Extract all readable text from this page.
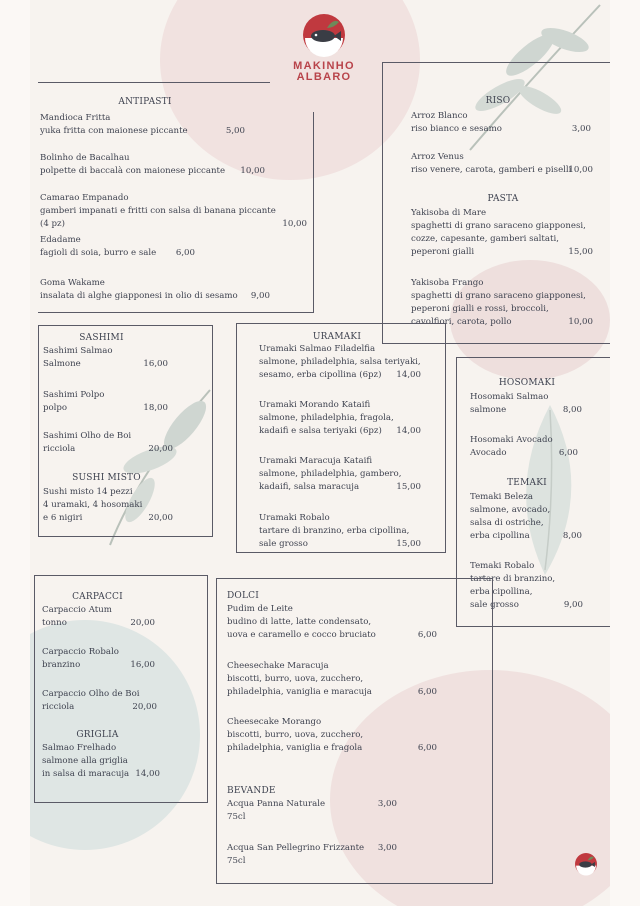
MAKINHO
ALBARO
ANTIPASTI
Mandioca Fritta
yuka fritta con maionese piccante	5,00
Bolinho de Bacalhau
polpette di baccalà con maionese piccante	10,00
Camarao Empanado
gamberi impanati e fritti con salsa di banana piccante (4 pz)	10,00
Edadame
fagioli di soia, burro e sale	6,00
Goma Wakame
insalata di alghe giapponesi in olio di sesamo	9,00
RISO
Arroz Blanco
riso bianco e sesamo	3,00
Arroz Venus
riso venere, carota, gamberi e piselli
10,00
PASTA
Yakisoba di Mare
spaghetti di grano saraceno giapponesi,
cozze, capesante, gamberi saltati,
peperoni gialli	15,00
Yakisoba Frango
spaghetti di grano saraceno giapponesi,
peperoni gialli e rossi, broccoli,
cavolfiori, carota, pollo	10,00
SASHIMI
Sashimi Salmao
Salmone	16,00
Sashimi Polpo
polpo	18,00
Sashimi Olho de Boi
ricciola	20,00
SUSHI MISTO
Sushi misto 14 pezzi
4 uramaki, 4 hosomaki
e 6 nigiri	20,00
URAMAKI
Uramaki Salmao Filadelfia
salmone, philadelphia, salsa teriyaki,
sesamo, erba cipollina (6pz)	14,00
Uramaki Morando Kataifi
salmone, philadelphia, fragola,
kadaifi e salsa teriyaki (6pz)	14,00
Uramaki Maracuja Kataifi
salmone, philadelphia, gambero,
kadaifi, salsa maracuja	15,00
Uramaki Robalo
tartare di branzino, erba cipollina,
sale grosso	15,00
HOSOMAKI
Hosomaki Salmao
salmone	8,00
Hosomaki Avocado
Avocado	6,00
TEMAKI
Temaki Beleza
salmone, avocado,
salsa di ostriche,
erba cipollina	8,00
Temaki Robalo
tartare di branzino,
erba cipollina,
sale grosso	9,00
CARPACCI
Carpaccio Atum
tonno	20,00
Carpaccio Robalo
branzino	16,00
Carpaccio Olho de Boi
ricciola	20,00
GRIGLIA
Salmao Frelhado
salmone alla griglia
in salsa di maracuja 14,00
DOLCI
Pudim de Leite
budino di latte, latte condensato,
uova e caramello e cocco bruciato	6,00
Cheesechake Maracuja
biscotti, burro, uova, zucchero,
philadelphia, vaniglia e maracuja	6,00
Cheesecake Morango
biscotti, burro, uova, zucchero,
philadelphia, vaniglia e fragola	6,00
BEVANDE
Acqua Panna Naturale
75cl
3,00
Acqua San Pellegrino Frizzante
75cl
3,00
